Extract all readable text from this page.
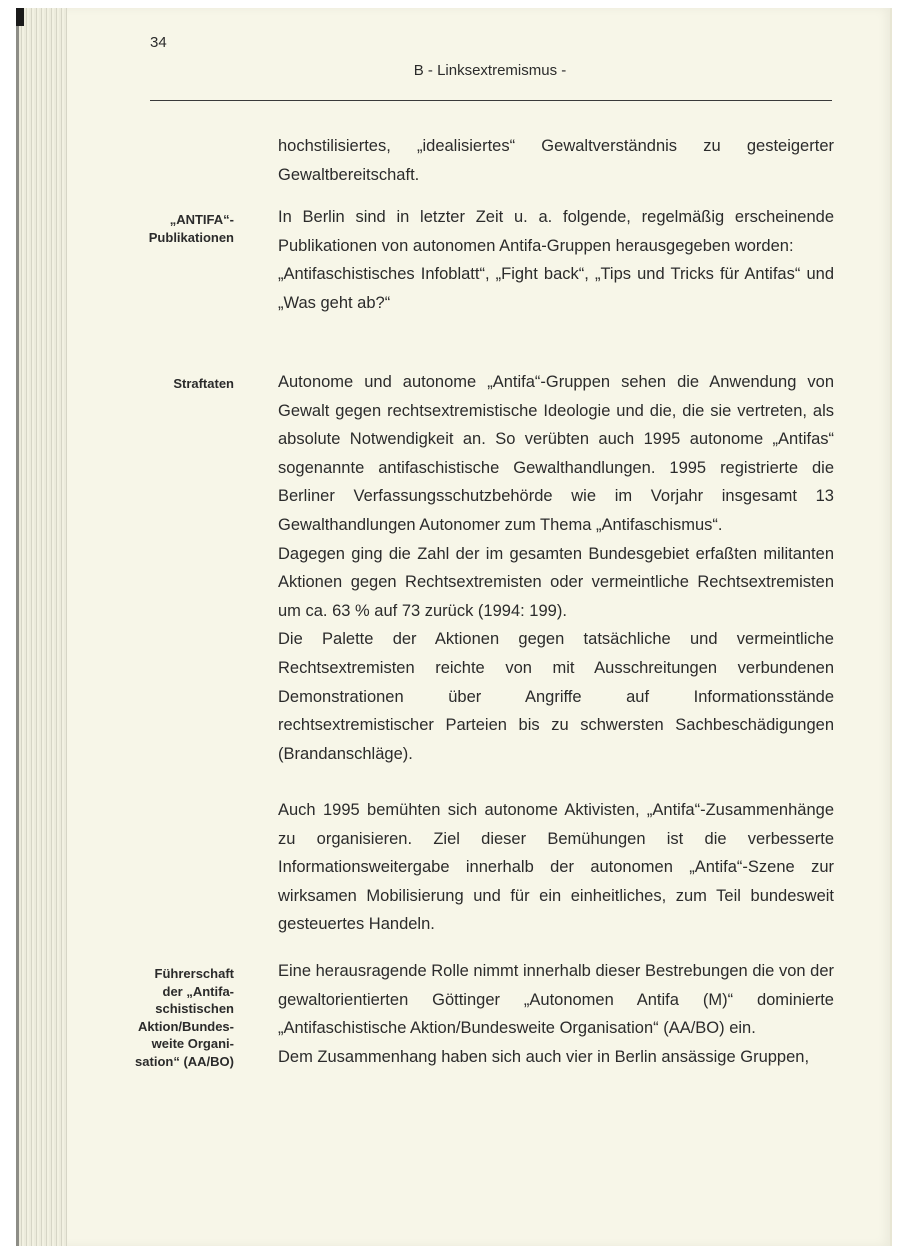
34
B - Linksextremismus -

hochstilisiertes, „idealisiertes“ Gewaltverständnis zu gesteigerter Gewaltbereitschaft.

„ANTIFA“-
Publikationen

In Berlin sind in letzter Zeit u. a. folgende, regelmäßig erscheinende Publikationen von autonomen Antifa-Gruppen herausgegeben worden:

„Antifaschistisches Infoblatt“, „Fight back“, „Tips und Tricks für Antifas“ und „Was geht ab?“

Straftaten	Autonome und autonome „Antifa“-Gruppen sehen die Anwendung von Gewalt gegen rechtsextremistische Ideologie und die, die sie vertreten, als absolute Notwendigkeit an. So verübten auch 1995 autonome „Antifas“ sogenannte antifaschistische Gewalthandlungen. 1995 registrierte die Berliner Verfassungsschutzbehörde wie im Vorjahr insgesamt 13 Gewalthandlungen Autonomer zum Thema „Antifaschismus“.

Dagegen ging die Zahl der im gesamten Bundesgebiet erfaßten militanten Aktionen gegen Rechtsextremisten oder vermeintliche Rechtsextremisten um ca. 63 % auf 73 zurück (1994: 199).

Die Palette der Aktionen gegen tatsächliche und vermeintliche Rechtsextremisten reichte von mit Ausschreitungen verbundenen Demonstrationen über Angriffe auf Informationsstände rechtsextremistischer Parteien bis zu schwersten Sachbeschädigungen (Brandanschläge).

Auch 1995 bemühten sich autonome Aktivisten, „Antifa“-Zusammenhänge zu organisieren. Ziel dieser Bemühungen ist die verbesserte Informationsweitergabe innerhalb der autonomen „Antifa“-Szene zur wirksamen Mobilisierung und für ein einheitliches, zum Teil bundesweit gesteuertes Handeln.

Führerschaft
der „Antifa-
schistischen
Aktion/Bundes-
weite Organi-
sation“ (AA/BO)

Eine herausragende Rolle nimmt innerhalb dieser Bestrebungen die von der gewaltorientierten Göttinger „Autonomen Antifa (M)“ dominierte „Antifaschistische Aktion/Bundesweite Organisation“ (AA/BO) ein.

Dem Zusammenhang haben sich auch vier in Berlin ansässige Gruppen,
